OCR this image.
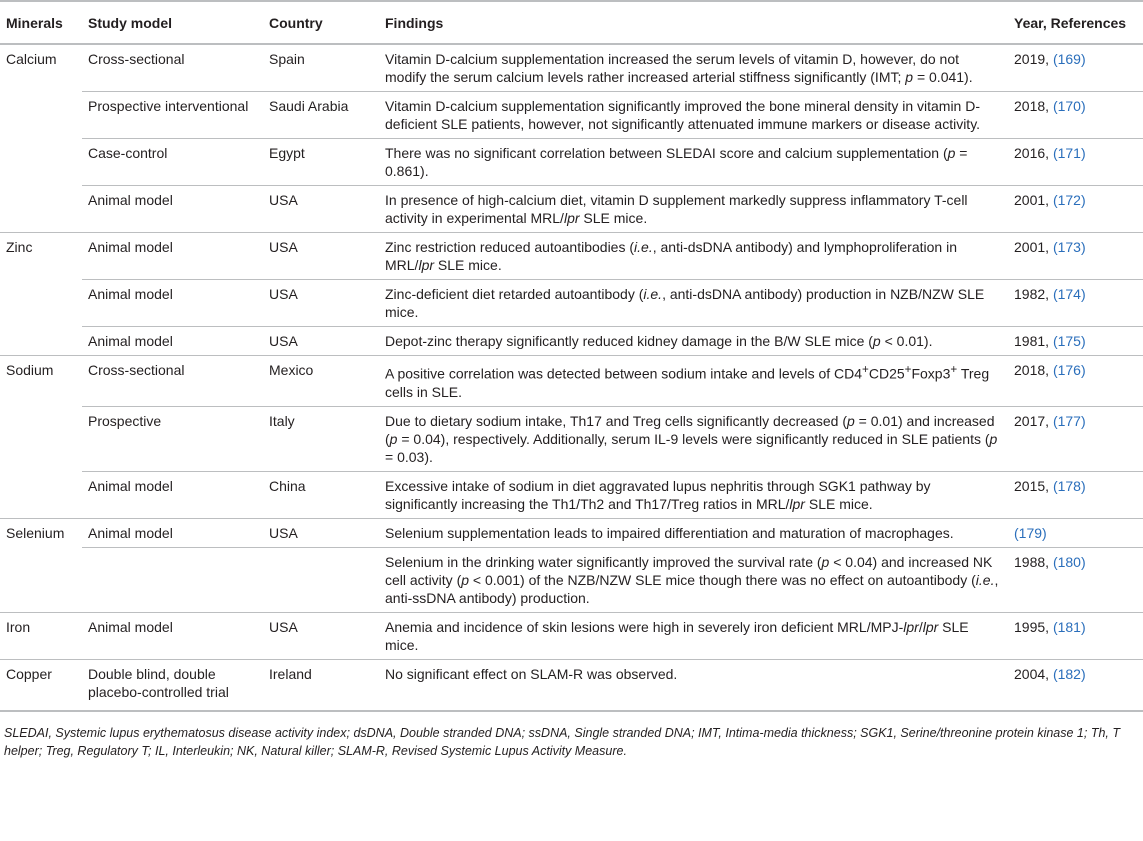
Minerals	Study model	Country	Findings	Year, References
Calcium	Cross-sectional	Spain	Vitamin D-calcium supplementation increased the serum levels of vitamin D, however, do not modify the serum calcium levels rather increased arterial stiffness significantly (IMT; p = 0.041).	2019, (169)
	Prospective interventional	Saudi Arabia	Vitamin D-calcium supplementation significantly improved the bone mineral density in vitamin D-deficient SLE patients, however, not significantly attenuated immune markers or disease activity.	2018, (170)
	Case-control	Egypt	There was no significant correlation between SLEDAI score and calcium supplementation (p = 0.861).	2016, (171)
	Animal model	USA	In presence of high-calcium diet, vitamin D supplement markedly suppress inflammatory T-cell activity in experimental MRL/lpr SLE mice.	2001, (172)
Zinc	Animal model	USA	Zinc restriction reduced autoantibodies (i.e., anti-dsDNA antibody) and lymphoproliferation in MRL/lpr SLE mice.	2001, (173)
	Animal model	USA	Zinc-deficient diet retarded autoantibody (i.e., anti-dsDNA antibody) production in NZB/NZW SLE mice.	1982, (174)
	Animal model	USA	Depot-zinc therapy significantly reduced kidney damage in the B/W SLE mice (p < 0.01).	1981, (175)
Sodium	Cross-sectional	Mexico	A positive correlation was detected between sodium intake and levels of CD4+CD25+Foxp3+ Treg cells in SLE.	2018, (176)
	Prospective	Italy	Due to dietary sodium intake, Th17 and Treg cells significantly decreased (p = 0.01) and increased (p = 0.04), respectively. Additionally, serum IL-9 levels were significantly reduced in SLE patients (p = 0.03).	2017, (177)
	Animal model	China	Excessive intake of sodium in diet aggravated lupus nephritis through SGK1 pathway by significantly increasing the Th1/Th2 and Th17/Treg ratios in MRL/lpr SLE mice.	2015, (178)
Selenium	Animal model	USA	Selenium supplementation leads to impaired differentiation and maturation of macrophages.	(179)
			Selenium in the drinking water significantly improved the survival rate (p < 0.04) and increased NK cell activity (p < 0.001) of the NZB/NZW SLE mice though there was no effect on autoantibody (i.e., anti-ssDNA antibody) production.	1988, (180)
Iron	Animal model	USA	Anemia and incidence of skin lesions were high in severely iron deficient MRL/MPJ-lpr/lpr SLE mice.	1995, (181)
Copper	Double blind, double placebo-controlled trial	Ireland	No significant effect on SLAM-R was observed.	2004, (182)
SLEDAI, Systemic lupus erythematosus disease activity index; dsDNA, Double stranded DNA; ssDNA, Single stranded DNA; IMT, Intima-media thickness; SGK1, Serine/threonine protein kinase 1; Th, T helper; Treg, Regulatory T; IL, Interleukin; NK, Natural killer; SLAM-R, Revised Systemic Lupus Activity Measure.
